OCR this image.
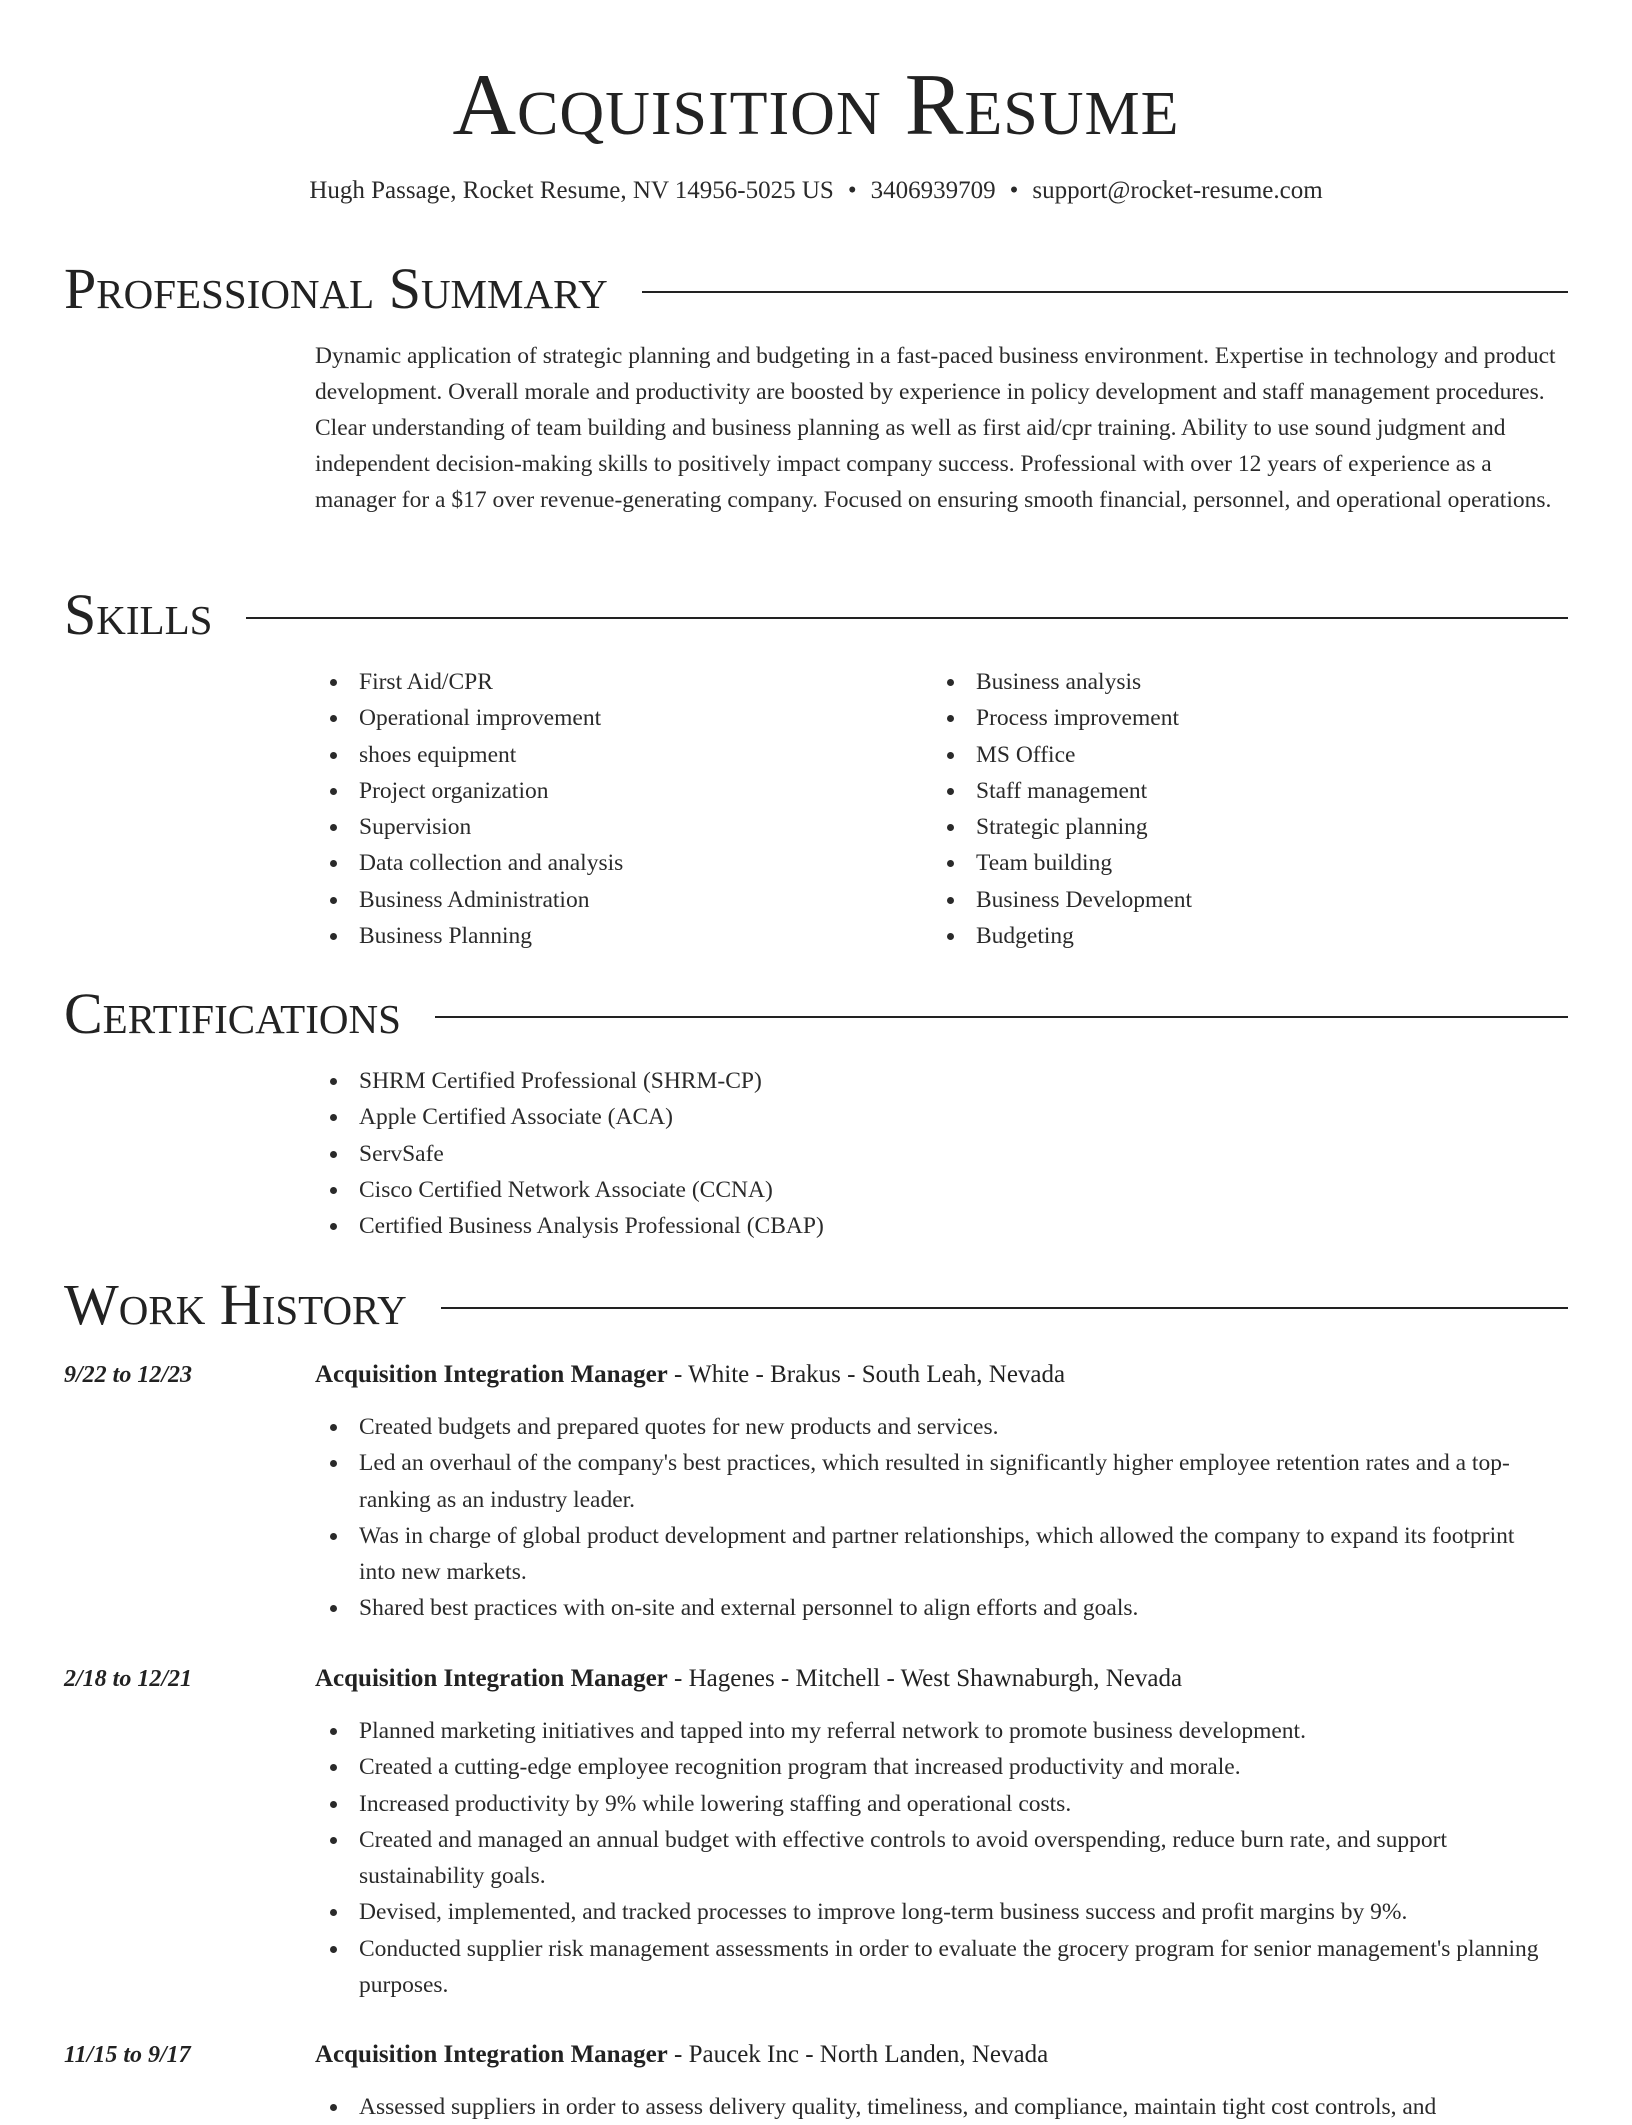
Acquisition Resume
Hugh Passage, Rocket Resume, NV 14956-5025 US • 3406939709 • support@rocket-resume.com
Professional Summary

Dynamic application of strategic planning and budgeting in a fast-paced business environment. Expertise in technology and product development. Overall morale and productivity are boosted by experience in policy development and staff management procedures. Clear understanding of team building and business planning as well as first aid/cpr training. Ability to use sound judgment and independent decision-making skills to positively impact company success. Professional with over 12 years of experience as a manager for a $17 over revenue-generating company. Focused on ensuring smooth financial, personnel, and operational operations.

Skills
First Aid/CPR
Operational improvement
shoes equipment
Project organization
Supervision
Data collection and analysis
Business Administration
Business Planning
Business analysis
Process improvement
MS Office
Staff management
Strategic planning
Team building
Business Development
Budgeting
Certifications
SHRM Certified Professional (SHRM-CP)
Apple Certified Associate (ACA)
ServSafe
Cisco Certified Network Associate (CCNA)
Certified Business Analysis Professional (CBAP)
Work History
9/22 to 12/23	Acquisition Integration Manager - White - Brakus - South Leah, Nevada
Created budgets and prepared quotes for new products and services.
Led an overhaul of the company's best practices, which resulted in significantly higher employee retention rates and a top-ranking as an industry leader.
Was in charge of global product development and partner relationships, which allowed the company to expand its footprint into new markets.
Shared best practices with on-site and external personnel to align efforts and goals.
2/18 to 12/21	Acquisition Integration Manager - Hagenes - Mitchell - West Shawnaburgh, Nevada
Planned marketing initiatives and tapped into my referral network to promote business development.
Created a cutting-edge employee recognition program that increased productivity and morale.
Increased productivity by 9% while lowering staffing and operational costs.
Created and managed an annual budget with effective controls to avoid overspending, reduce burn rate, and support sustainability goals.
Devised, implemented, and tracked processes to improve long-term business success and profit margins by 9%.
Conducted supplier risk management assessments in order to evaluate the grocery program for senior management's planning purposes.
11/15 to 9/17	Acquisition Integration Manager - Paucek Inc - North Landen, Nevada
Assessed suppliers in order to assess delivery quality, timeliness, and compliance, maintain tight cost controls, and
